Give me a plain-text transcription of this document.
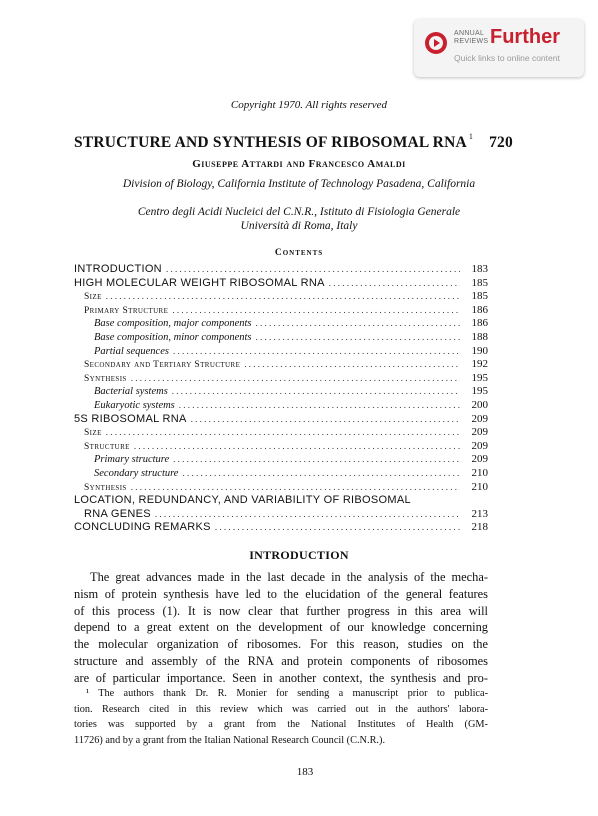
ANNUAL
REVIEWS Further
Quick links to online content
Copyright 1970. All rights reserved
STRUCTURE AND SYNTHESIS OF RIBOSOMAL RNA $^1$ 720
Giuseppe Attardi and Francesco Amaldi
Division of Biology, California Institute of Technology Pasadena, California
Centro degli Acidi Nucleici del C.N.R., Istituto di Fisiologia Generale
Università di Roma, Italy
Contents
INTRODUCTION . . .	183
HIGH MOLECULAR WEIGHT RIBOSOMAL RNA . . .	185
Size . . .	185
Primary Structure . . .	186
Base composition, major components . . .	186
Base composition, minor components . . .	188
Partial sequences . . .	190
Secondary and Tertiary Structure . . .	192
Synthesis . . .	195
Bacterial systems . . .	195
Eukaryotic systems . . .	200
5S RIBOSOMAL RNA . . .	209
Size . . .	209
Structure . . .	209
Primary structure . . .	209
Secondary structure . . .	210
Synthesis . . .	210
LOCATION, REDUNDANCY, AND VARIABILITY OF RIBOSOMAL
RNA GENES . . .	213
CONCLUDING REMARKS . . .	218
INTRODUCTION
The great advances made in the last decade in the analysis of the mecha-
nism of protein synthesis have led to the elucidation of the general features
of this process (1). It is now clear that further progress in this area will
depend to a great extent on the development of our knowledge concerning
the molecular organization of ribosomes. For this reason, studies on the
structure and assembly of the RNA and protein components of ribosomes
are of particular importance. Seen in another context, the synthesis and pro-
¹ The authors thank Dr. R. Monier for sending a manuscript prior to publica-
tion. Research cited in this review which was carried out in the authors' labora-
tories was supported by a grant from the National Institutes of Health (GM-
11726) and by a grant from the Italian National Research Council (C.N.R.).
183
